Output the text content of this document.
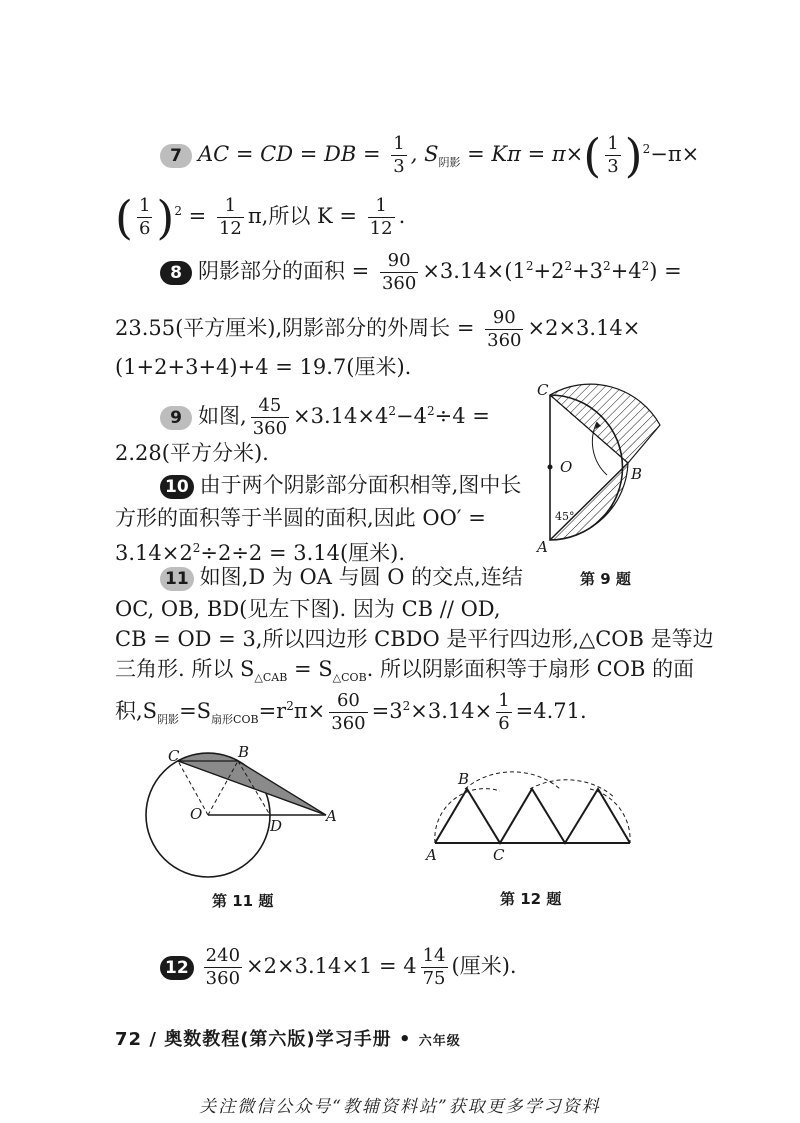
7 AC = CD = DB = $\frac{1}{3}$ , $S_{阴影} = K\pi = \pi\times( \frac{1}{3} )^2-\pi\times$
( $\frac{1}{6} )^2 = \frac{1}{12} \pi$,所以 $K = \frac{1}{12}$ .
8 阴影部分的面积 = $\frac{90}{360} \times 3.14\times(1^2+2^2+3^2+4^2)$ =
23.55(平方厘米),阴影部分的外周长 = $\frac{90}{360} \times 2\times 3.14\times$
(1+2+3+4)+4 = 19.7(厘米).
9 如图, $\frac{45}{360} \times 3.14\times 4^2-4^2\div 4$ =
2.28(平方分米).
10 由于两个阴影部分面积相等,图中长
方形的面积等于半圆的面积,因此 OO′ =
$3.14\times 2^2\div 2\div 2 = 3.14$(厘米).
11 如图,D 为 OA 与圆 O 的交点,连结
OC, OB, BD(见左下图). 因为 CB // OD,
CB = OD = 3,所以四边形 CBDO 是平行四边形,△COB 是等边
三角形. 所以 $S_{\triangle CAB} = S_{\triangle COB}$. 所以阴影面积等于扇形 COB 的面
积$,S_{阴影}=S_{扇形COB}=r^2\pi\times \frac{60}{360} =3^2\times 3.14\times \frac{1}{6} =4.71$.
C
O	B
A
45°
第 9 题
C	B
O
D
A
第 11 题
B
A	C
第 12 题
$12 \frac{240}{360} \times 2\times 3.14\times 1 = 4 \frac{14}{75}$ (厘米).
72 / 奥数教程(第六版)学习手册 • 六年级
关注微信公众号“教辅资料站”获取更多学习资料
